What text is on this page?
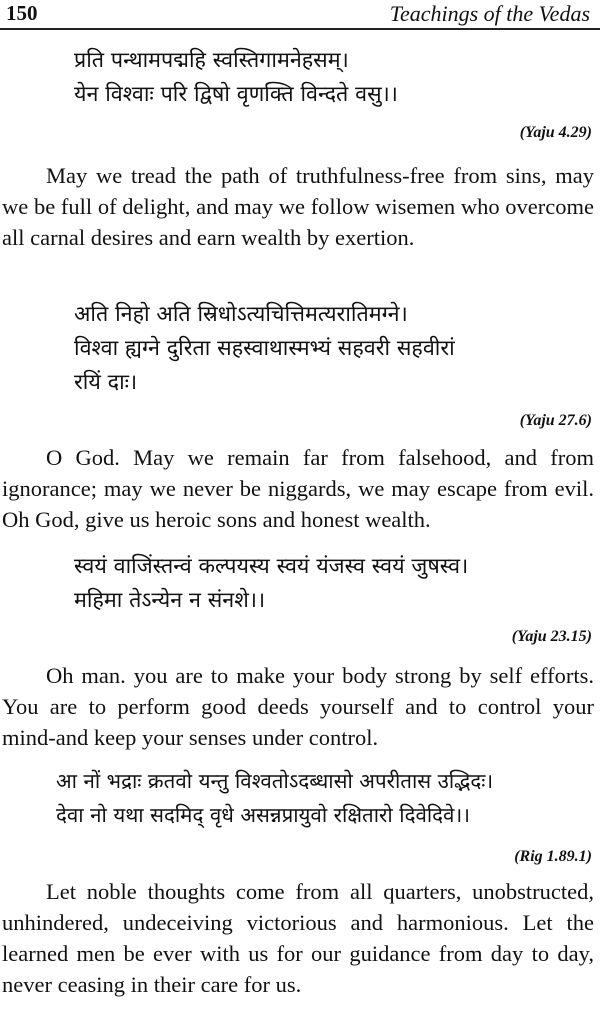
150	Teachings of the Vedas
प्रति पन्थामपद्महि स्वस्तिगामनेहसम्।
येन विश्वाः परि द्विषो वृणक्ति विन्दते वसु।।
(Yaju 4.29)
May we tread the path of truthfulness-free from sins, may we be full of delight, and may we follow wisemen who overcome all carnal desires and earn wealth by exertion.
अति निहो अति स्रिधोऽत्यचित्तिमत्यरातिमग्ने।
विश्वा ह्यग्ने दुरिता सहस्वाथास्मभ्यं सहवरी सहवीरां
रयिं दाः।
(Yaju 27.6)
O God. May we remain far from falsehood, and from ignorance; may we never be niggards, we may escape from evil. Oh God, give us heroic sons and honest wealth.
स्वयं वाजिंस्तन्वं कल्पयस्य स्वयं यंजस्व स्वयं जुषस्व।
महिमा तेऽन्येन न संनशे।।
(Yaju 23.15)
Oh man. you are to make your body strong by self efforts. You are to perform good deeds yourself and to control your mind-and keep your senses under control.
आ नों भद्राः क्रतवो यन्तु विश्वतोऽदब्धासो अपरीतास उद्भिदः।
देवा नो यथा सदमिद् वृधे असन्नप्रायुवो रक्षितारो दिवेदिवे।।
(Rig 1.89.1)
Let noble thoughts come from all quarters, unobstructed, unhindered, undeceiving victorious and harmonious. Let the learned men be ever with us for our guidance from day to day, never ceasing in their care for us.
